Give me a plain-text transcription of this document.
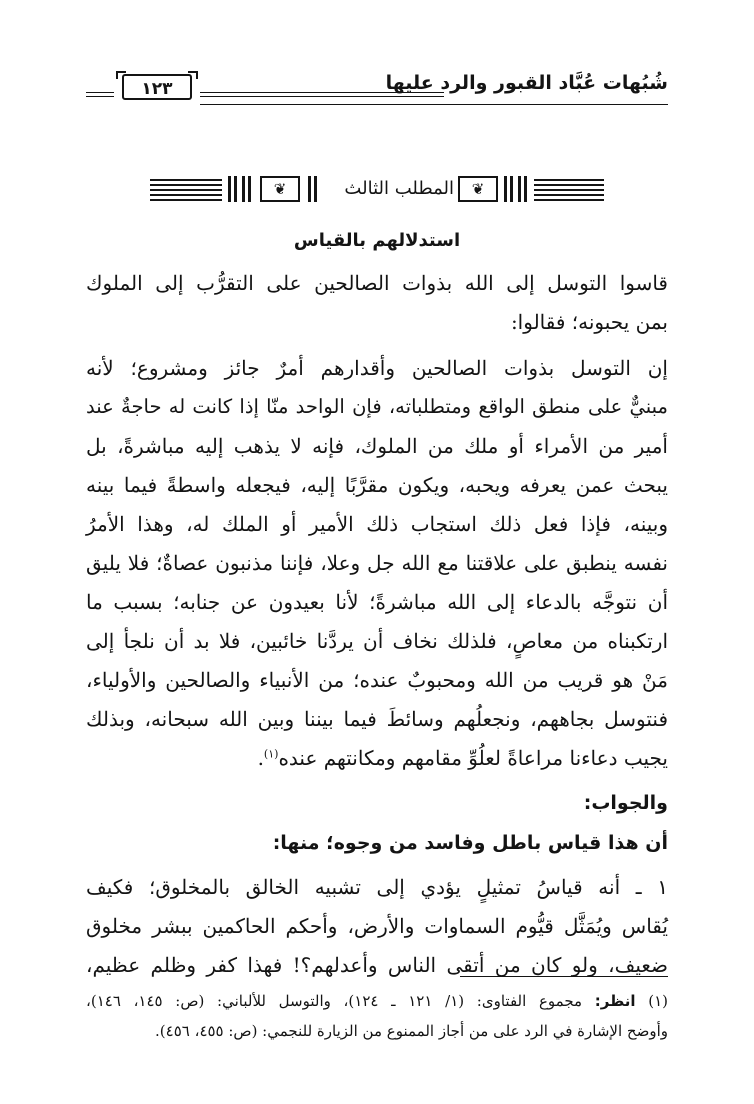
شُبُهات عُبَّاد القبور والرد عليها
١٢٣
❦	المطلب الثالث	❦
استدلالهم بالقياس
قاسوا التوسل إلى الله بذوات الصالحين على التقرُّب إلى الملوك
بمن يحبونه؛ فقالوا:
إن التوسل بذوات الصالحين وأقدارهم أمرٌ جائز ومشروع؛ لأنه
مبنيٌّ على منطق الواقع ومتطلباته، فإن الواحد منّا إذا كانت له حاجةٌ عند
أمير من الأمراء أو ملك من الملوك، فإنه لا يذهب إليه مباشرةً، بل
يبحث عمن يعرفه ويحبه، ويكون مقرَّبًا إليه، فيجعله واسطةً فيما بينه
وبينه، فإذا فعل ذلك استجاب ذلك الأمير أو الملك له، وهذا الأمرُ
نفسه ينطبق على علاقتنا مع الله جل وعلا، فإننا مذنبون عصاةٌ؛ فلا يليق
أن نتوجَّه بالدعاء إلى الله مباشرةً؛ لأنا بعيدون عن جنابه؛ بسبب ما
ارتكبناه من معاصٍ، فلذلك نخاف أن يردَّنا خائبين، فلا بد أن نلجأ إلى
مَنْ هو قريب من الله ومحبوبٌ عنده؛ من الأنبياء والصالحين والأولياء،
فنتوسل بجاههم، ونجعلُهم وسائطَ فيما بيننا وبين الله سبحانه، وبذلك
يجيب دعاءنا مراعاةً لعلُوِّ مقامهم ومكانتهم عنده$^{(١)}$.
والجواب:
أن هذا قياس باطل وفاسد من وجوه؛ منها:
١ ـ أنه قياسُ تمثيلٍ يؤدي إلى تشبيه الخالق بالمخلوق؛ فكيف
يُقاس ويُمَثَّل قيُّوم السماوات والأرض، وأحكم الحاكمين ببشر مخلوق
ضعيف، ولو كان من أتقى الناس وأعدلهم؟! فهذا كفر وظلم عظيم،
(١) انظر: مجموع الفتاوى: (١/ ١٢١ ـ ١٢٤)، والتوسل للألباني: (ص: ١٤٥، ١٤٦)،
وأوضح الإشارة في الرد على من أجاز الممنوع من الزيارة للنجمي: (ص: ٤٥٥، ٤٥٦).
